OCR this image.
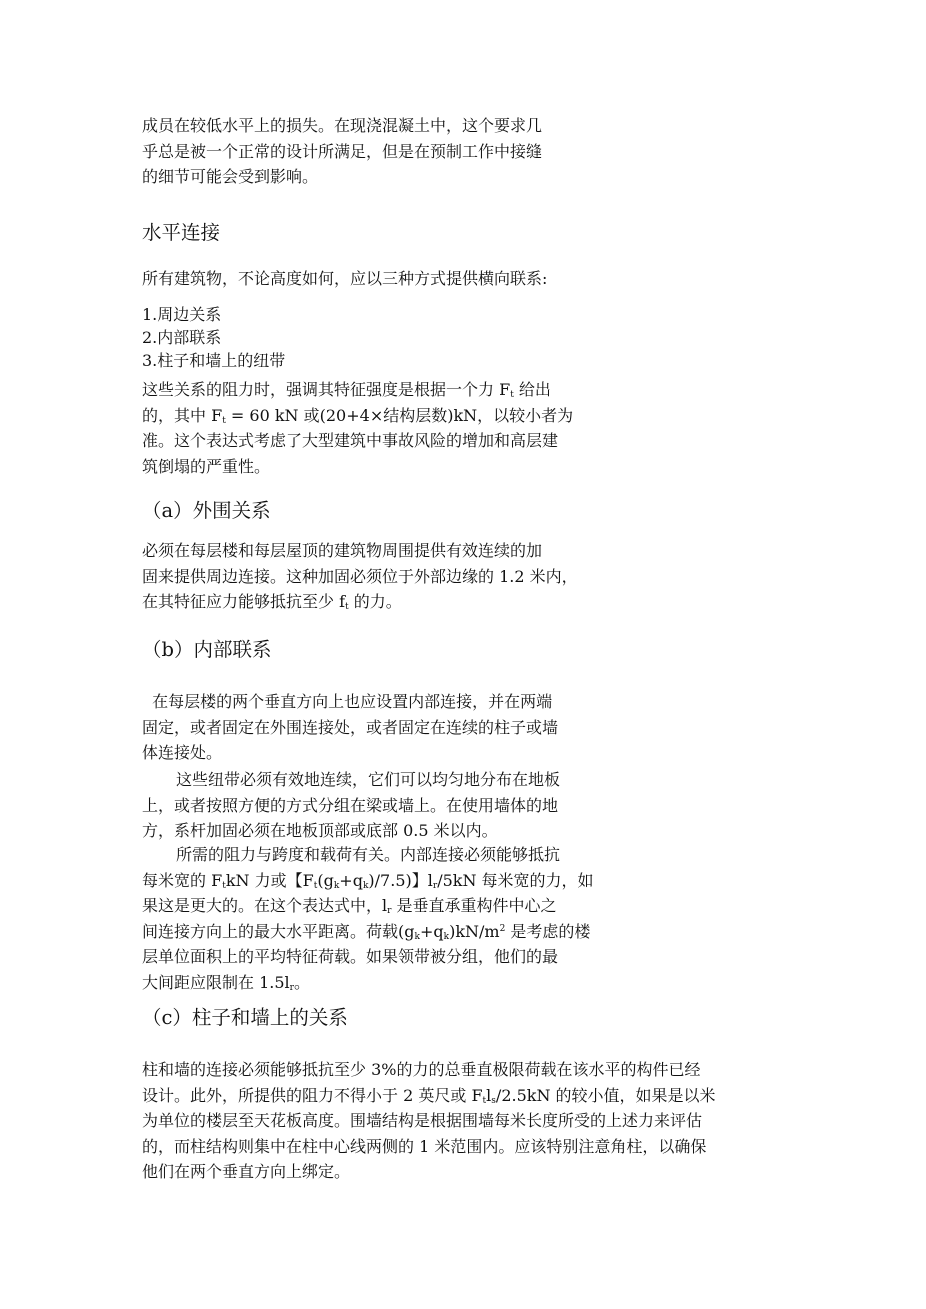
成员在较低水平上的损失。在现浇混凝土中，这个要求几
乎总是被一个正常的设计所满足，但是在预制工作中接缝
的细节可能会受到影响。

水平连接

所有建筑物，不论高度如何，应以三种方式提供横向联系:

1.周边关系
2.内部联系
3.柱子和墙上的纽带

这些关系的阻力时，强调其特征强度是根据一个力 $F_t$ 给出
的，其中 $F_t = 60$ kN 或(20+4×结构层数)kN，以较小者为
准。这个表达式考虑了大型建筑中事故风险的增加和高层建
筑倒塌的严重性。

（a）外围关系

必须在每层楼和每层屋顶的建筑物周围提供有效连续的加
固来提供周边连接。这种加固必须位于外部边缘的 1.2 米内，
在其特征应力能够抵抗至少 $f_t$ 的力。

（b）内部联系

在每层楼的两个垂直方向上也应设置内部连接，并在两端
固定，或者固定在外围连接处，或者固定在连续的柱子或墙
体连接处。

这些纽带必须有效地连续，它们可以均匀地分布在地板
上，或者按照方便的方式分组在梁或墙上。在使用墙体的地
方，系杆加固必须在地板顶部或底部 0.5 米以内。

所需的阻力与跨度和载荷有关。内部连接必须能够抵抗
每米宽的 $F_tkN$ 力或【$F_t(g_k+q_k)/7.5$)】$l_r/5kN$ 每米宽的力，如
果这是更大的。在这个表达式中，$l_r$ 是垂直承重构件中心之
间连接方向上的最大水平距离。荷载$(g_k+q_k)kN/m^2$ 是考虑的楼
层单位面积上的平均特征荷载。如果领带被分组，他们的最
大间距应限制在 $1.5l_r$。

（c）柱子和墙上的关系

柱和墙的连接必须能够抵抗至少 3%的力的总垂直极限荷载在该水平的构件已经
设计。此外，所提供的阻力不得小于 2 英尺或 $F_tl_s/2.5kN$ 的较小值，如果是以米
为单位的楼层至天花板高度。围墙结构是根据围墙每米长度所受的上述力来评估
的，而柱结构则集中在柱中心线两侧的 1 米范围内。应该特别注意角柱，以确保
他们在两个垂直方向上绑定。
